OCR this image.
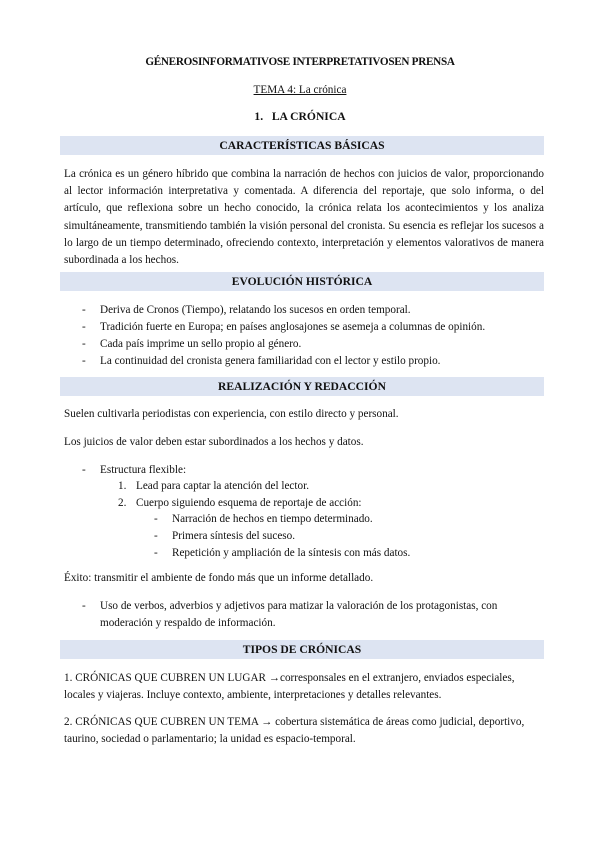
GÉNEROSINFORMATIVOSE INTERPRETATIVOSEN PRENSA
TEMA 4: La crónica
1. LA CRÓNICA
CARACTERÍSTICAS BÁSICAS

La crónica es un género híbrido que combina la narración de hechos con juicios de valor, proporcionando al lector información interpretativa y comentada. A diferencia del reportaje, que solo informa, o del artículo, que reflexiona sobre un hecho conocido, la crónica relata los acontecimientos y los analiza simultáneamente, transmitiendo también la visión personal del cronista. Su esencia es reflejar los sucesos a lo largo de un tiempo determinado, ofreciendo contexto, interpretación y elementos valorativos de manera subordinada a los hechos.

EVOLUCIÓN HISTÓRICA
- Deriva de Cronos (Tiempo), relatando los sucesos en orden temporal.
- Tradición fuerte en Europa; en países anglosajones se asemeja a columnas de opinión.
- Cada país imprime un sello propio al género.
- La continuidad del cronista genera familiaridad con el lector y estilo propio.
REALIZACIÓN Y REDACCIÓN

Suelen cultivarla periodistas con experiencia, con estilo directo y personal.

Los juicios de valor deben estar subordinados a los hechos y datos.

- Estructura flexible:
1. Lead para captar la atención del lector.
2. Cuerpo siguiendo esquema de reportaje de acción:
- Narración de hechos en tiempo determinado.
- Primera síntesis del suceso.
- Repetición y ampliación de la síntesis con más datos.

Éxito: transmitir el ambiente de fondo más que un informe detallado.

- Uso de verbos, adverbios y adjetivos para matizar la valoración de los protagonistas, con moderación y respaldo de información.
TIPOS DE CRÓNICAS

1. CRÓNICAS QUE CUBREN UN LUGAR →corresponsales en el extranjero, enviados especiales, locales y viajeras. Incluye contexto, ambiente, interpretaciones y detalles relevantes.

2. CRÓNICAS QUE CUBREN UN TEMA → cobertura sistemática de áreas como judicial, deportivo, taurino, sociedad o parlamentario; la unidad es espacio-temporal.
